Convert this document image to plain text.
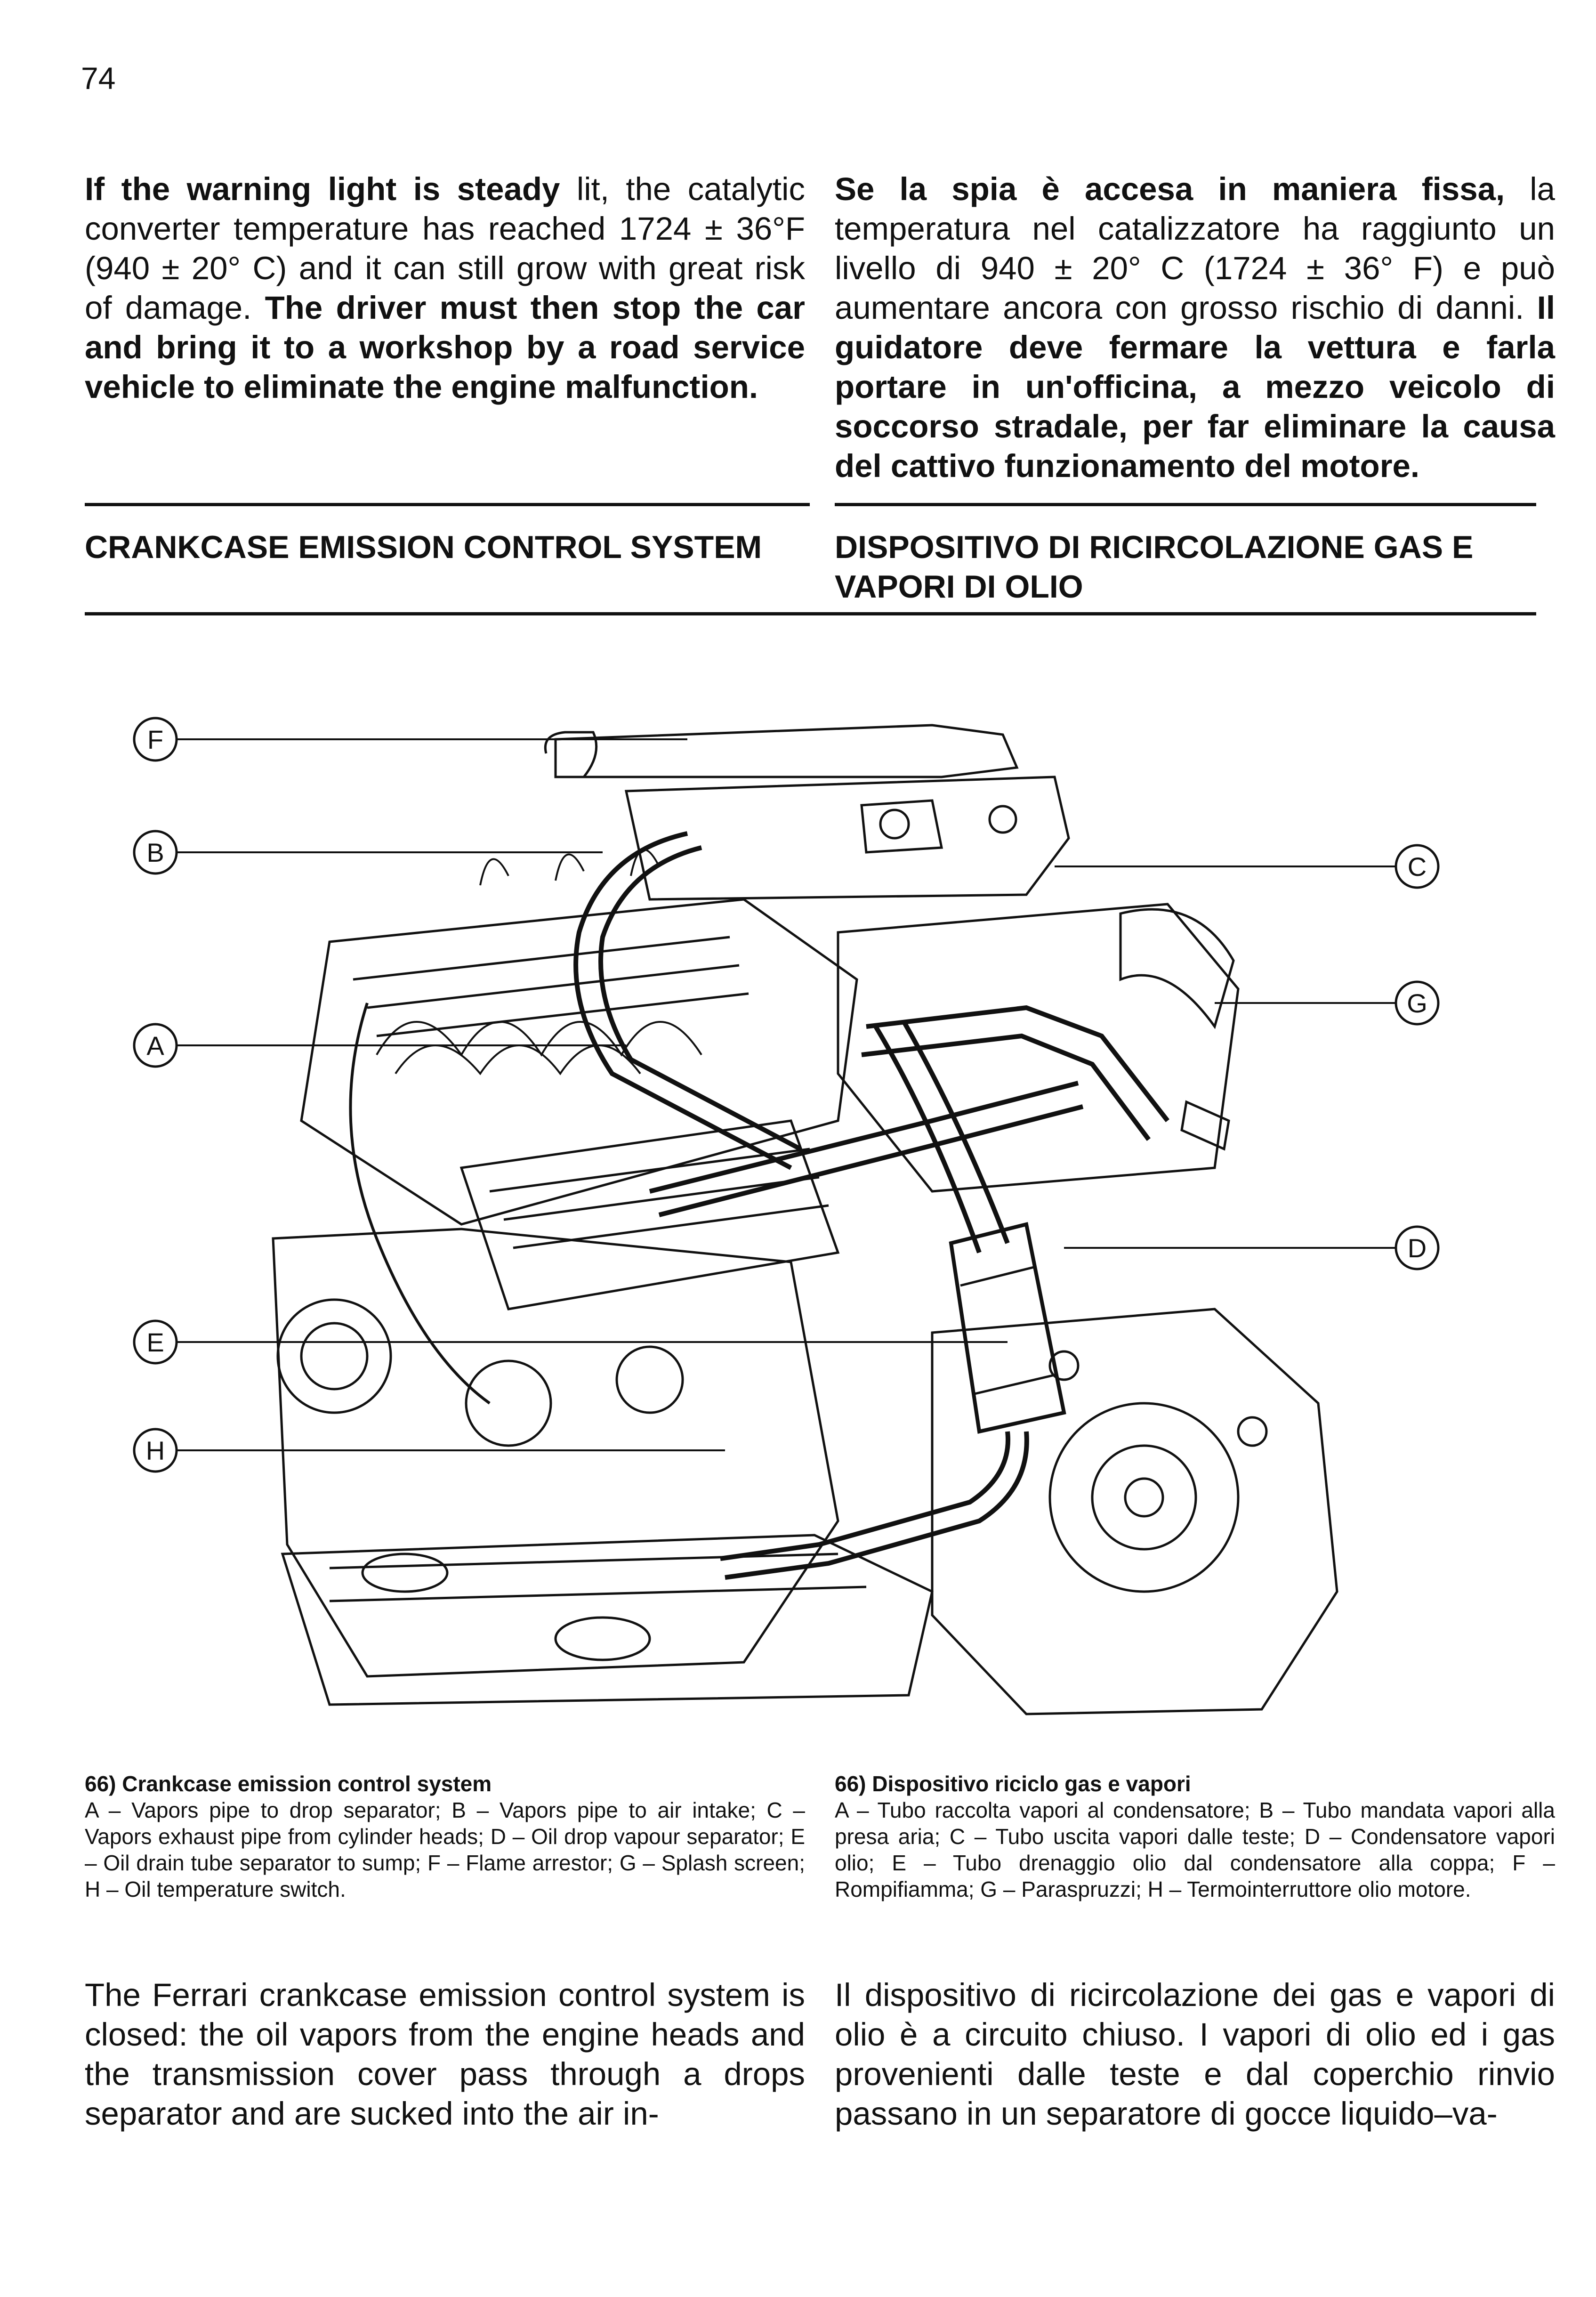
74
If the warning light is steady lit, the catalytic converter temperature has reached 1724 ± 36°F (940 ± 20° C) and it can still grow with great risk of damage. The driver must then stop the car and bring it to a workshop by a road service vehicle to eliminate the engine malfunction.
Se la spia è accesa in maniera fissa, la temperatura nel catalizzatore ha raggiunto un livello di 940 ± 20° C (1724 ± 36° F) e può aumentare ancora con grosso rischio di danni. Il guidatore deve fermare la vettura e farla portare in un'officina, a mezzo veicolo di soccorso stradale, per far eliminare la causa del cattivo funzionamento del motore.
CRANKCASE EMISSION CONTROL SYSTEM	DISPOSITIVO DI RICIRCOLAZIONE GAS E VAPORI DI OLIO
F
B
A
E
H
C
G
D
66) Crankcase emission control system
A – Vapors pipe to drop separator; B – Vapors pipe to air intake; C – Vapors exhaust pipe from cylinder heads; D – Oil drop vapour separator; E – Oil drain tube separator to sump; F – Flame arrestor; G – Splash screen; H – Oil temperature switch.
66) Dispositivo riciclo gas e vapori
A – Tubo raccolta vapori al condensatore; B – Tubo mandata vapori alla presa aria; C – Tubo uscita vapori dalle teste; D – Condensatore vapori olio; E – Tubo drenaggio olio dal condensatore alla coppa; F – Rompifiamma; G – Paraspruzzi; H – Termointerruttore olio motore.
The Ferrari crankcase emission control system is closed: the oil vapors from the engine heads and the transmission cover pass through a drops separator and are sucked into the air in-
Il dispositivo di ricircolazione dei gas e vapori di olio è a circuito chiuso. I vapori di olio ed i gas provenienti dalle teste e dal coperchio rinvio passano in un separatore di gocce liquido–va-
